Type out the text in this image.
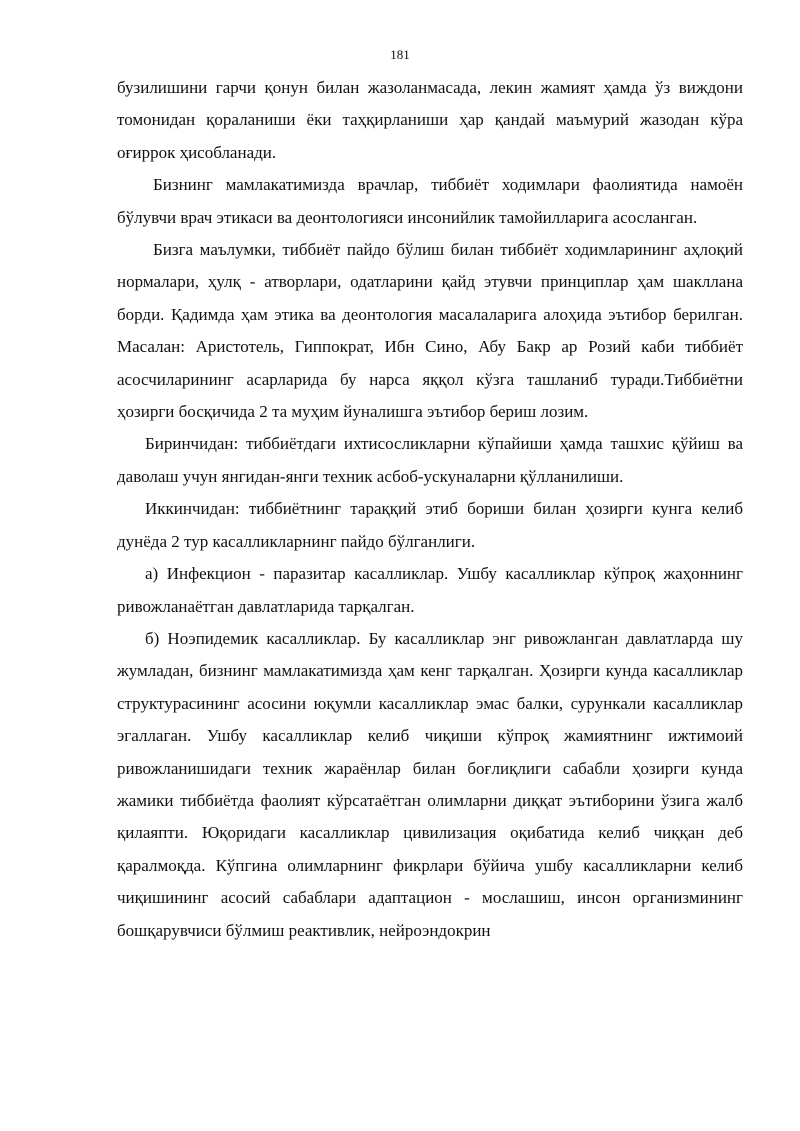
181

бузилишини гарчи қонун билан жазоланмасада, лекин жамият ҳамда ўз виждони томонидан қораланиши ёки таҳқирланиши ҳар қандай маъмурий жазодан кўра оғиррок ҳисобланади.

Бизнинг мамлакатимизда врачлар, тиббиёт ходимлари фаолиятида намоён бўлувчи врач этикаси ва деонтологияси инсонийлик тамойилларига асосланган.

Бизга маълумки, тиббиёт пайдо бўлиш билан тиббиёт ходимларининг аҳлоқий нормалари, ҳулқ - атворлари, одатларини қайд этувчи принциплар ҳам шакллана борди. Қадимда ҳам этика ва деонтология масалаларига алоҳида эътибор берилган. Масалан: Аристотель, Гиппократ, Ибн Сино, Абу Бакр ар Розий каби тиббиёт асосчиларининг асарларида бу нарса яққол кўзга ташланиб туради.Тиббиётни ҳозирги босқичида 2 та муҳим йуналишга эътибор бериш лозим.

Биринчидан: тиббиётдаги ихтисосликларни кўпайиши ҳамда ташхис қўйиш ва даволаш учун янгидан-янги техник асбоб-ускуналарни қўлланилиши.

Иккинчидан: тиббиётнинг тараққий этиб бориши билан ҳозирги кунга келиб дунёда 2 тур касалликларнинг пайдо бўлганлиги.

а) Инфекцион - паразитар касалликлар. Ушбу касалликлар кўпроқ жаҳоннинг ривожланаётган давлатларида тарқалган.

б) Ноэпидемик касалликлар. Бу касалликлар энг ривожланган давлатларда шу жумладан, бизнинг мамлакатимизда ҳам кенг тарқалган. Ҳозирги кунда касалликлар структурасининг асосини юқумли касалликлар эмас балки, сурункали касалликлар эгаллаган. Ушбу касалликлар келиб чиқиши кўпроқ жамиятнинг ижтимоий ривожланишидаги техник жараёнлар билан боғлиқлиги сабабли ҳозирги кунда жамики тиббиётда фаолият кўрсатаётган олимларни диққат эътиборини ўзига жалб қилаяпти. Юқоридаги касалликлар цивилизация оқибатида келиб чиққан деб қаралмоқда. Кўпгина олимларнинг фикрлари бўйича ушбу касалликларни келиб чиқишининг асосий сабаблари адаптацион - мослашиш, инсон организмининг бошқарувчиси бўлмиш реактивлик, нейроэндокрин
